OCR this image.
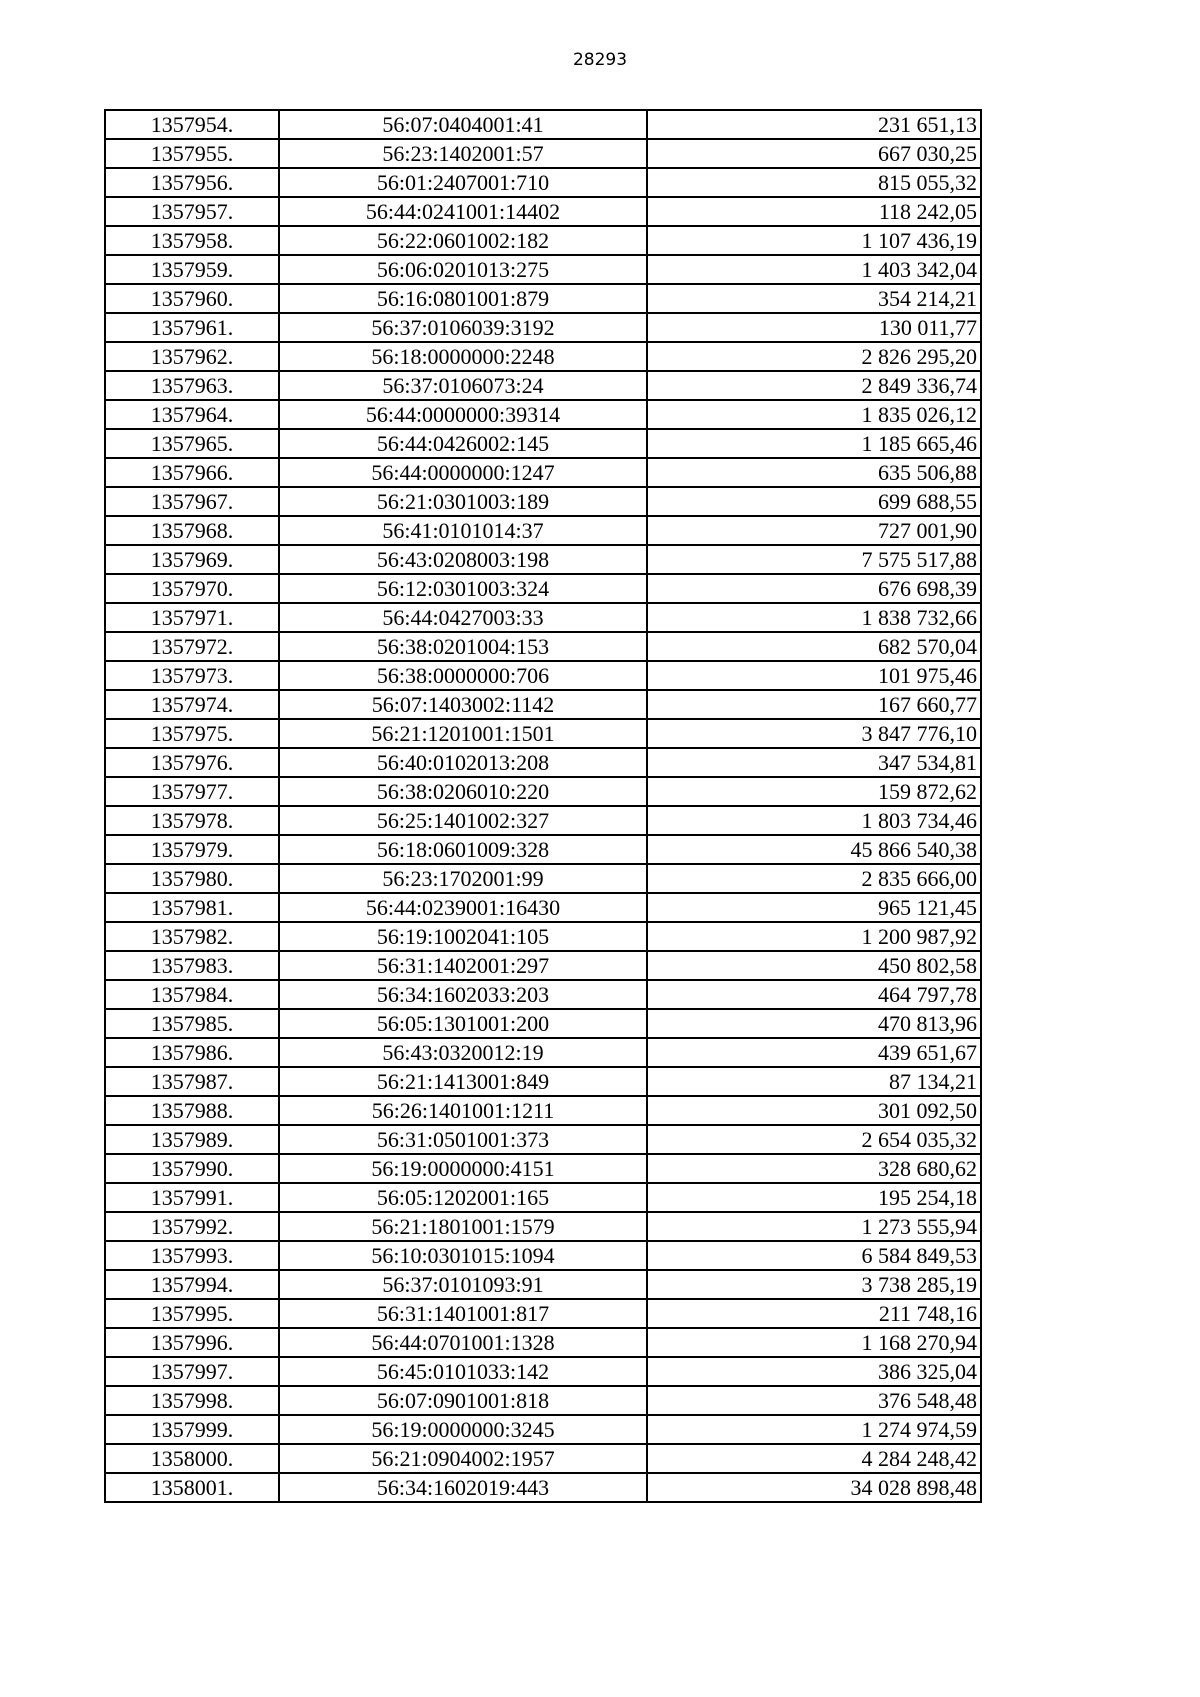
28293
1357954.	56:07:0404001:41	231 651,13
1357955.	56:23:1402001:57	667 030,25
1357956.	56:01:2407001:710	815 055,32
1357957.	56:44:0241001:14402	118 242,05
1357958.	56:22:0601002:182	1 107 436,19
1357959.	56:06:0201013:275	1 403 342,04
1357960.	56:16:0801001:879	354 214,21
1357961.	56:37:0106039:3192	130 011,77
1357962.	56:18:0000000:2248	2 826 295,20
1357963.	56:37:0106073:24	2 849 336,74
1357964.	56:44:0000000:39314	1 835 026,12
1357965.	56:44:0426002:145	1 185 665,46
1357966.	56:44:0000000:1247	635 506,88
1357967.	56:21:0301003:189	699 688,55
1357968.	56:41:0101014:37	727 001,90
1357969.	56:43:0208003:198	7 575 517,88
1357970.	56:12:0301003:324	676 698,39
1357971.	56:44:0427003:33	1 838 732,66
1357972.	56:38:0201004:153	682 570,04
1357973.	56:38:0000000:706	101 975,46
1357974.	56:07:1403002:1142	167 660,77
1357975.	56:21:1201001:1501	3 847 776,10
1357976.	56:40:0102013:208	347 534,81
1357977.	56:38:0206010:220	159 872,62
1357978.	56:25:1401002:327	1 803 734,46
1357979.	56:18:0601009:328	45 866 540,38
1357980.	56:23:1702001:99	2 835 666,00
1357981.	56:44:0239001:16430	965 121,45
1357982.	56:19:1002041:105	1 200 987,92
1357983.	56:31:1402001:297	450 802,58
1357984.	56:34:1602033:203	464 797,78
1357985.	56:05:1301001:200	470 813,96
1357986.	56:43:0320012:19	439 651,67
1357987.	56:21:1413001:849	87 134,21
1357988.	56:26:1401001:1211	301 092,50
1357989.	56:31:0501001:373	2 654 035,32
1357990.	56:19:0000000:4151	328 680,62
1357991.	56:05:1202001:165	195 254,18
1357992.	56:21:1801001:1579	1 273 555,94
1357993.	56:10:0301015:1094	6 584 849,53
1357994.	56:37:0101093:91	3 738 285,19
1357995.	56:31:1401001:817	211 748,16
1357996.	56:44:0701001:1328	1 168 270,94
1357997.	56:45:0101033:142	386 325,04
1357998.	56:07:0901001:818	376 548,48
1357999.	56:19:0000000:3245	1 274 974,59
1358000.	56:21:0904002:1957	4 284 248,42
1358001.	56:34:1602019:443	34 028 898,48
